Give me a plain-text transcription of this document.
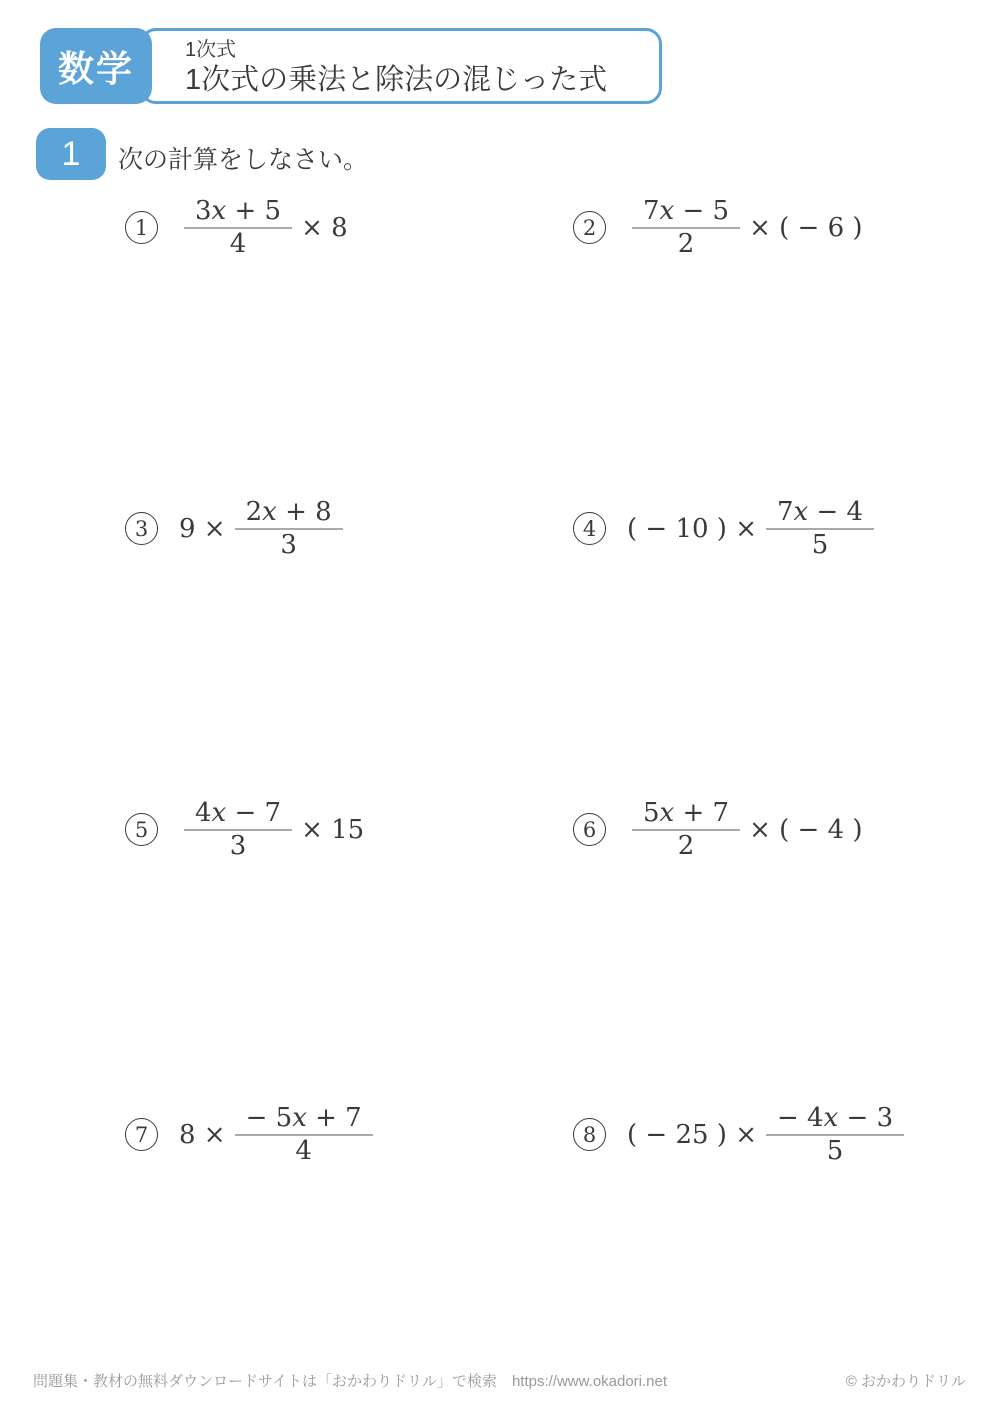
数学	1次式
1次式の乗法と除法の混じった式
1 次の計算をしなさい。
1	$\frac{3x + 5}{4} \times 8$	2	$\frac{7x - 5}{2}$ × ( − 6 )
3	$9 \times \frac{2x + 8}{3}$	4	( − 10 ) × $\frac{7x - 4}{5}$
5	$\frac{4x - 7}{3} \times 15$	6	$\frac{5x + 7}{2}$ × ( − 4 )
7	$8 \times \frac{- 5x + 7}{4}$	8	( − 25 ) × $\frac{- 4x - 3}{5}$
問題集・教材の無料ダウンロードサイトは「おかわりドリル」で検索　https://www.okadori.net	© おかわりドリル
